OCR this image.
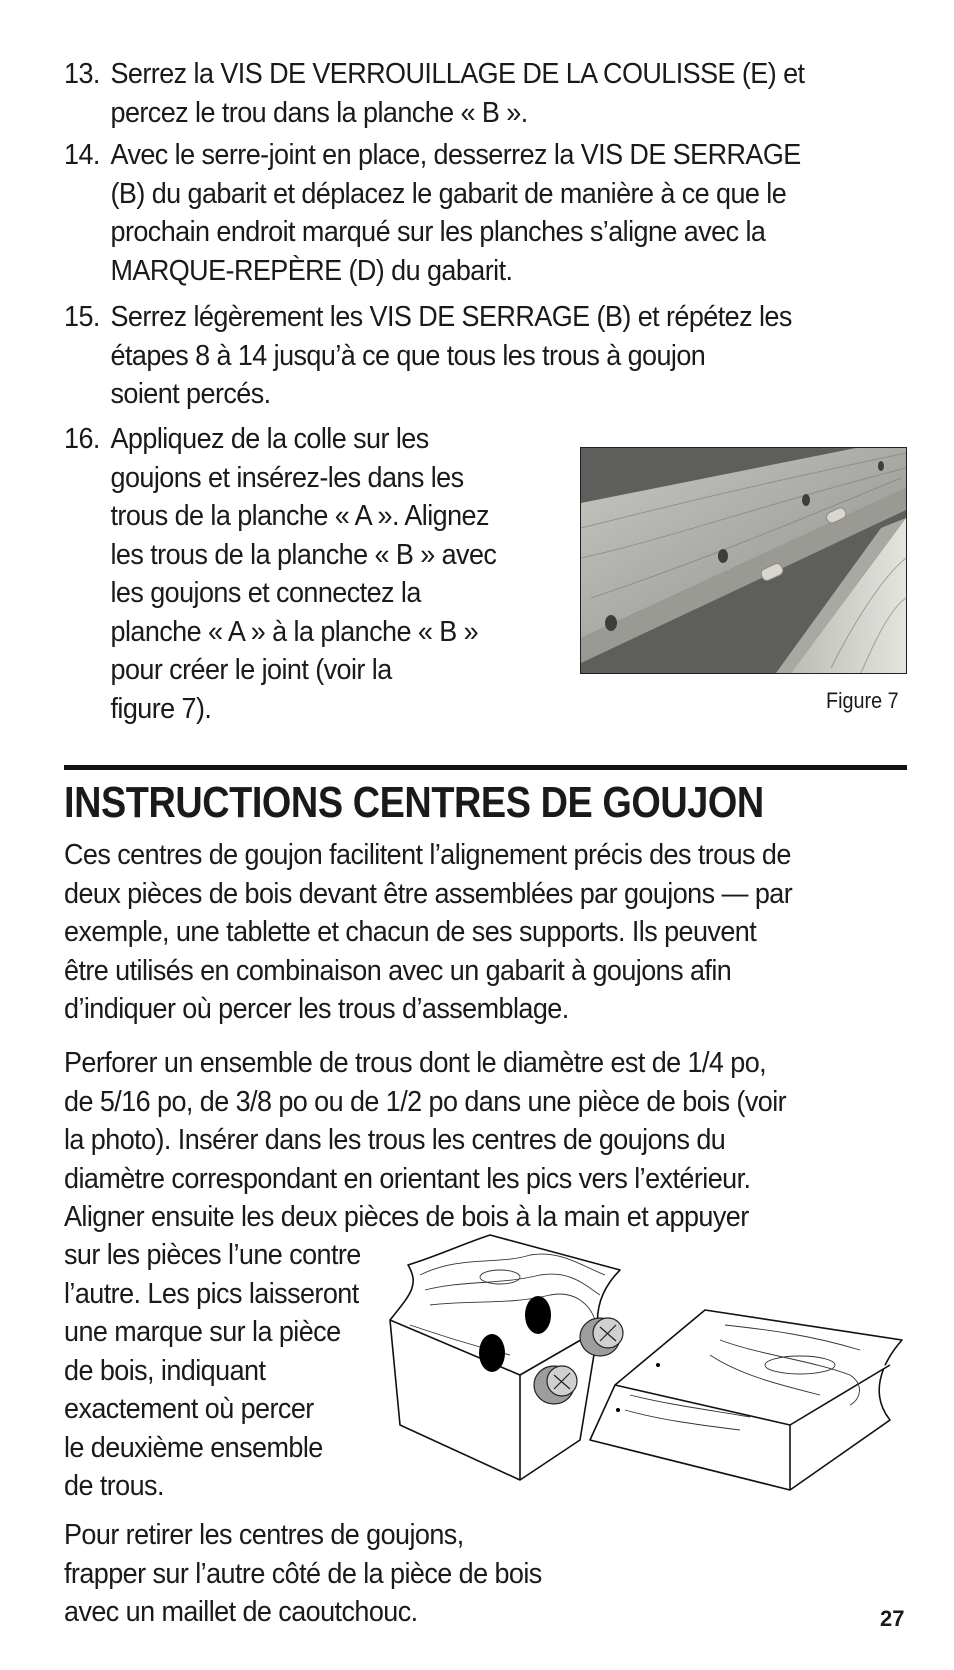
13. Serrez la VIS DE VERROUILLAGE DE LA COULISSE (E) et
percez le trou dans la planche « B ».
14. Avec le serre-joint en place, desserrez la VIS DE SERRAGE
(B) du gabarit et déplacez le gabarit de manière à ce que le
prochain endroit marqué sur les planches s’aligne avec la
MARQUE-REPÈRE (D) du gabarit.
15. Serrez légèrement les VIS DE SERRAGE (B) et répétez les
étapes 8 à 14 jusqu’à ce que tous les trous à goujon
soient percés.
16. Appliquez de la colle sur les
goujons et insérez-les dans les
trous de la planche « A ». Alignez
les trous de la planche « B » avec
les goujons et connectez la
planche « A » à la planche « B »
pour créer le joint (voir la
figure 7).	Figure 7
INSTRUCTIONS CENTRES DE GOUJON
Ces centres de goujon facilitent l’alignement précis des trous de
deux pièces de bois devant être assemblées par goujons — par
exemple, une tablette et chacun de ses supports. Ils peuvent
être utilisés en combinaison avec un gabarit à goujons afin
d’indiquer où percer les trous d’assemblage.
Perforer un ensemble de trous dont le diamètre est de 1/4 po,
de 5/16 po, de 3/8 po ou de 1/2 po dans une pièce de bois (voir
la photo). Insérer dans les trous les centres de goujons du
diamètre correspondant en orientant les pics vers l’extérieur.
Aligner ensuite les deux pièces de bois à la main et appuyer
sur les pièces l’une contre
l’autre. Les pics laisseront
une marque sur la pièce
de bois, indiquant
exactement où percer
le deuxième ensemble
de trous.
Pour retirer les centres de goujons,
frapper sur l’autre côté de la pièce de bois
avec un maillet de caoutchouc.	27
